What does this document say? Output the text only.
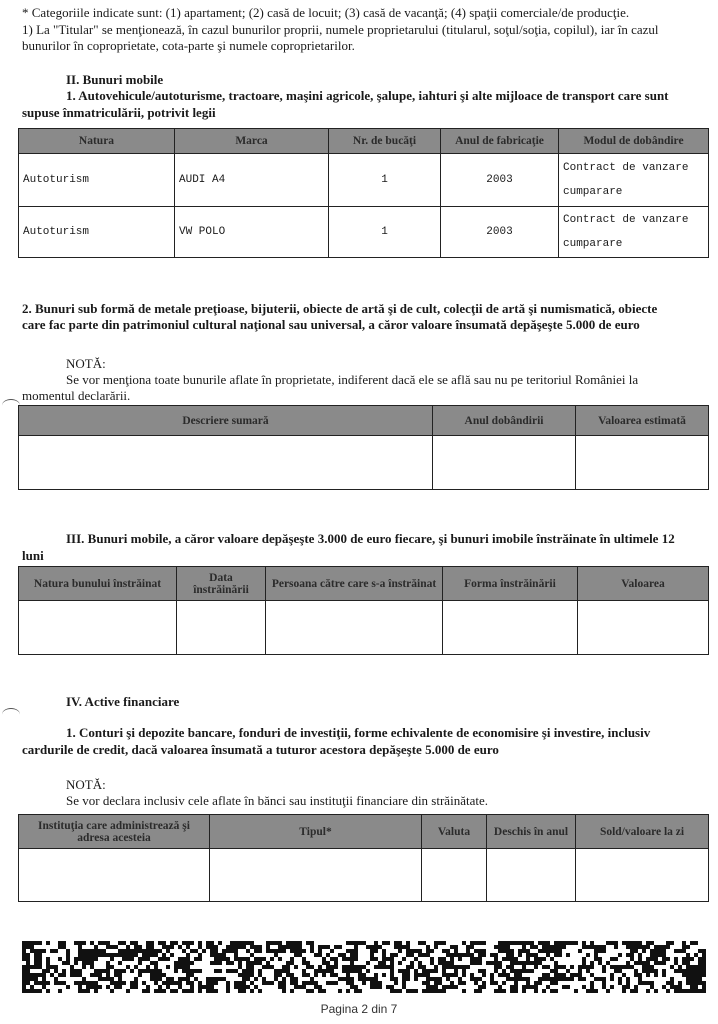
* Categoriile indicate sunt: (1) apartament; (2) casă de locuit; (3) casă de vacanţă; (4) spaţii comerciale/de producţie.
1) La "Titular" se menţionează, în cazul bunurilor proprii, numele proprietarului (titularul, soţul/soţia, copilul), iar în cazul
bunurilor în coproprietate, cota-parte şi numele coproprietarilor.
II. Bunuri mobile
1. Autovehicule/autoturisme, tractoare, maşini agricole, şalupe, iahturi şi alte mijloace de transport care sunt
supuse înmatriculării, potrivit legii
Natura	Marca	Nr. de bucăţi	Anul de fabricaţie	Modul de dobândire
Autoturism	AUDI A4	1	2003	Contract de vanzare cumparare
Autoturism	VW POLO	1	2003	Contract de vanzare cumparare
2. Bunuri sub formă de metale preţioase, bijuterii, obiecte de artă şi de cult, colecţii de artă şi numismatică, obiecte
care fac parte din patrimoniul cultural naţional sau universal, a căror valoare însumată depăşeşte 5.000 de euro
NOTĂ:
Se vor menţiona toate bunurile aflate în proprietate, indiferent dacă ele se află sau nu pe teritoriul României la
momentul declarării.
Descriere sumară	Anul dobândirii	Valoarea estimată

III. Bunuri mobile, a căror valoare depăşeşte 3.000 de euro fiecare, şi bunuri imobile înstrăinate în ultimele 12
luni
Natura bunului înstrăinat	Data înstrăinării	Persoana către care s-a înstrăinat	Forma înstrăinării	Valoarea

IV. Active financiare
1. Conturi şi depozite bancare, fonduri de investiţii, forme echivalente de economisire şi investire, inclusiv
cardurile de credit, dacă valoarea însumată a tuturor acestora depăşeşte 5.000 de euro
NOTĂ:
Se vor declara inclusiv cele aflate în bănci sau instituţii financiare din străinătate.
Instituţia care administrează şi adresa acesteia	Tipul*	Valuta	Deschis în anul	Sold/valoare la zi

Pagina 2 din 7
